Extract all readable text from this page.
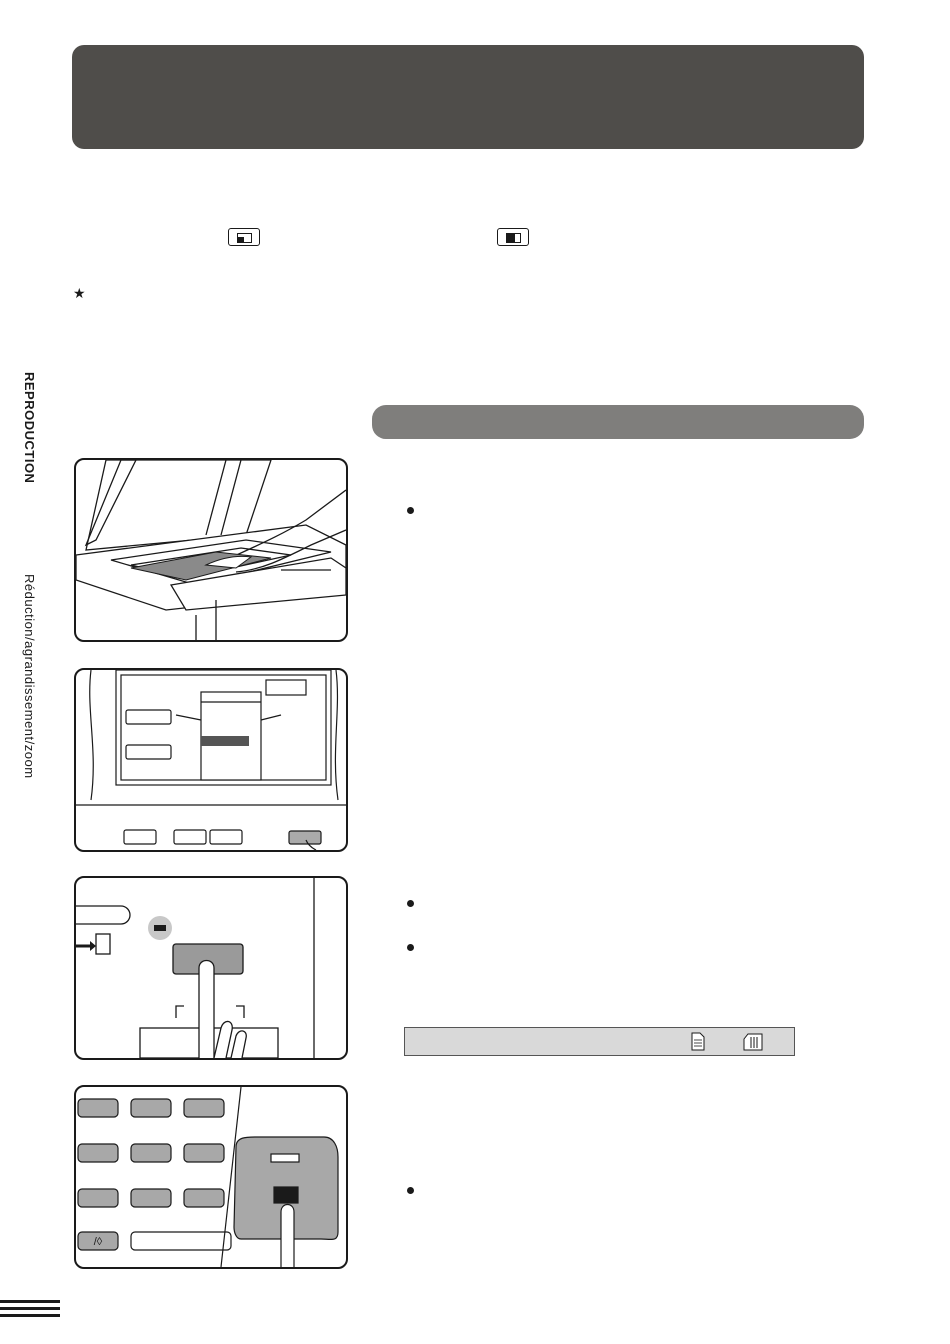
★
REPRODUCTION
Réduction/agrandissement/zoom
/◊
